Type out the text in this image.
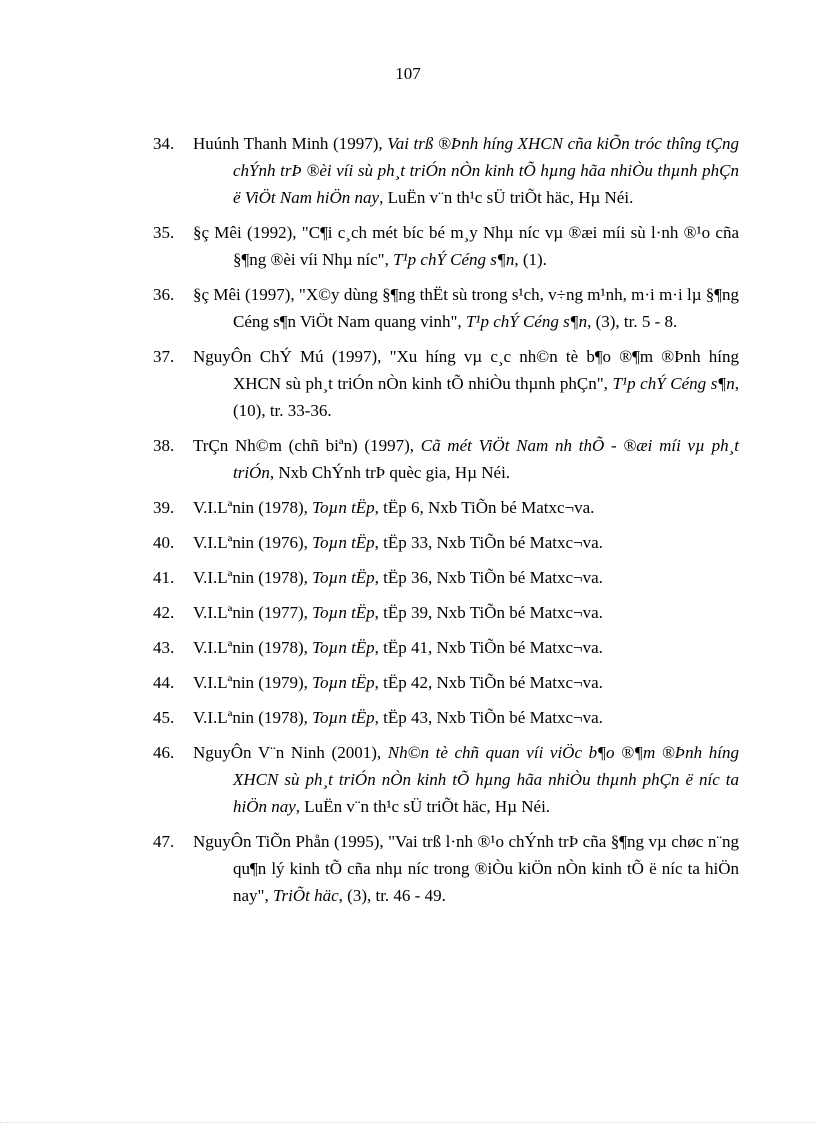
107
34. Huúnh Thanh Minh (1997), Vai trß ®Þnh híng XHCN cña kiÕn tróc thîng tÇng chÝnh trÞ ®èi víi sù ph¸t triÓn nÒn kinh tÕ hµng hãa nhiÒu thµnh phÇn ë ViÖt Nam hiÖn nay, LuËn v¨n th¹c sÜ triÕt häc, Hµ Néi.
35. §ç Mêi (1992), "C¶i c¸ch mét bíc bé m¸y Nhµ níc vµ ®æi míi sù l·nh ®¹o cña §¶ng ®èi víi Nhµ níc", T¹p chÝ Céng s¶n, (1).
36. §ç Mêi (1997), "X©y dùng §¶ng thËt sù trong s¹ch, v÷ng m¹nh, m·i m·i lµ §¶ng Céng s¶n ViÖt Nam quang vinh", T¹p chÝ Céng s¶n, (3), tr. 5 - 8.
37. NguyÔn ChÝ Mú (1997), "Xu híng vµ c¸c nh©n tè b¶o ®¶m ®Þnh híng XHCN sù ph¸t triÓn nÒn kinh tÕ nhiÒu thµnh phÇn", T¹p chÝ Céng s¶n, (10), tr. 33-36.
38. TrÇn Nh©m (chñ biªn) (1997), Cã mét ViÖt Nam nh thÕ - ®æi míi vµ ph¸t triÓn, Nxb ChÝnh trÞ quèc gia, Hµ Néi.
39. V.I.Lªnin (1978), Toµn tËp, tËp 6, Nxb TiÕn bé Matxc¬va.
40. V.I.Lªnin (1976), Toµn tËp, tËp 33, Nxb TiÕn bé Matxc¬va.
41. V.I.Lªnin (1978), Toµn tËp, tËp 36, Nxb TiÕn bé Matxc¬va.
42. V.I.Lªnin (1977), Toµn tËp, tËp 39, Nxb TiÕn bé Matxc¬va.
43. V.I.Lªnin (1978), Toµn tËp, tËp 41, Nxb TiÕn bé Matxc¬va.
44. V.I.Lªnin (1979), Toµn tËp, tËp 42, Nxb TiÕn bé Matxc¬va.
45. V.I.Lªnin (1978), Toµn tËp, tËp 43, Nxb TiÕn bé Matxc¬va.
46. NguyÔn V¨n Ninh (2001), Nh©n tè chñ quan víi viÖc b¶o ®¶m ®Þnh híng XHCN sù ph¸t triÓn nÒn kinh tÕ hµng hãa nhiÒu thµnh phÇn ë níc ta hiÖn nay, LuËn v¨n th¹c sÜ triÕt häc, Hµ Néi.
47. NguyÔn TiÕn Phån (1995), "Vai trß l·nh ®¹o chÝnh trÞ cña §¶ng vµ chøc n¨ng qu¶n lý kinh tÕ cña nhµ níc trong ®iÒu kiÖn nÒn kinh tÕ ë níc ta hiÖn nay", TriÕt häc, (3), tr. 46 - 49.
